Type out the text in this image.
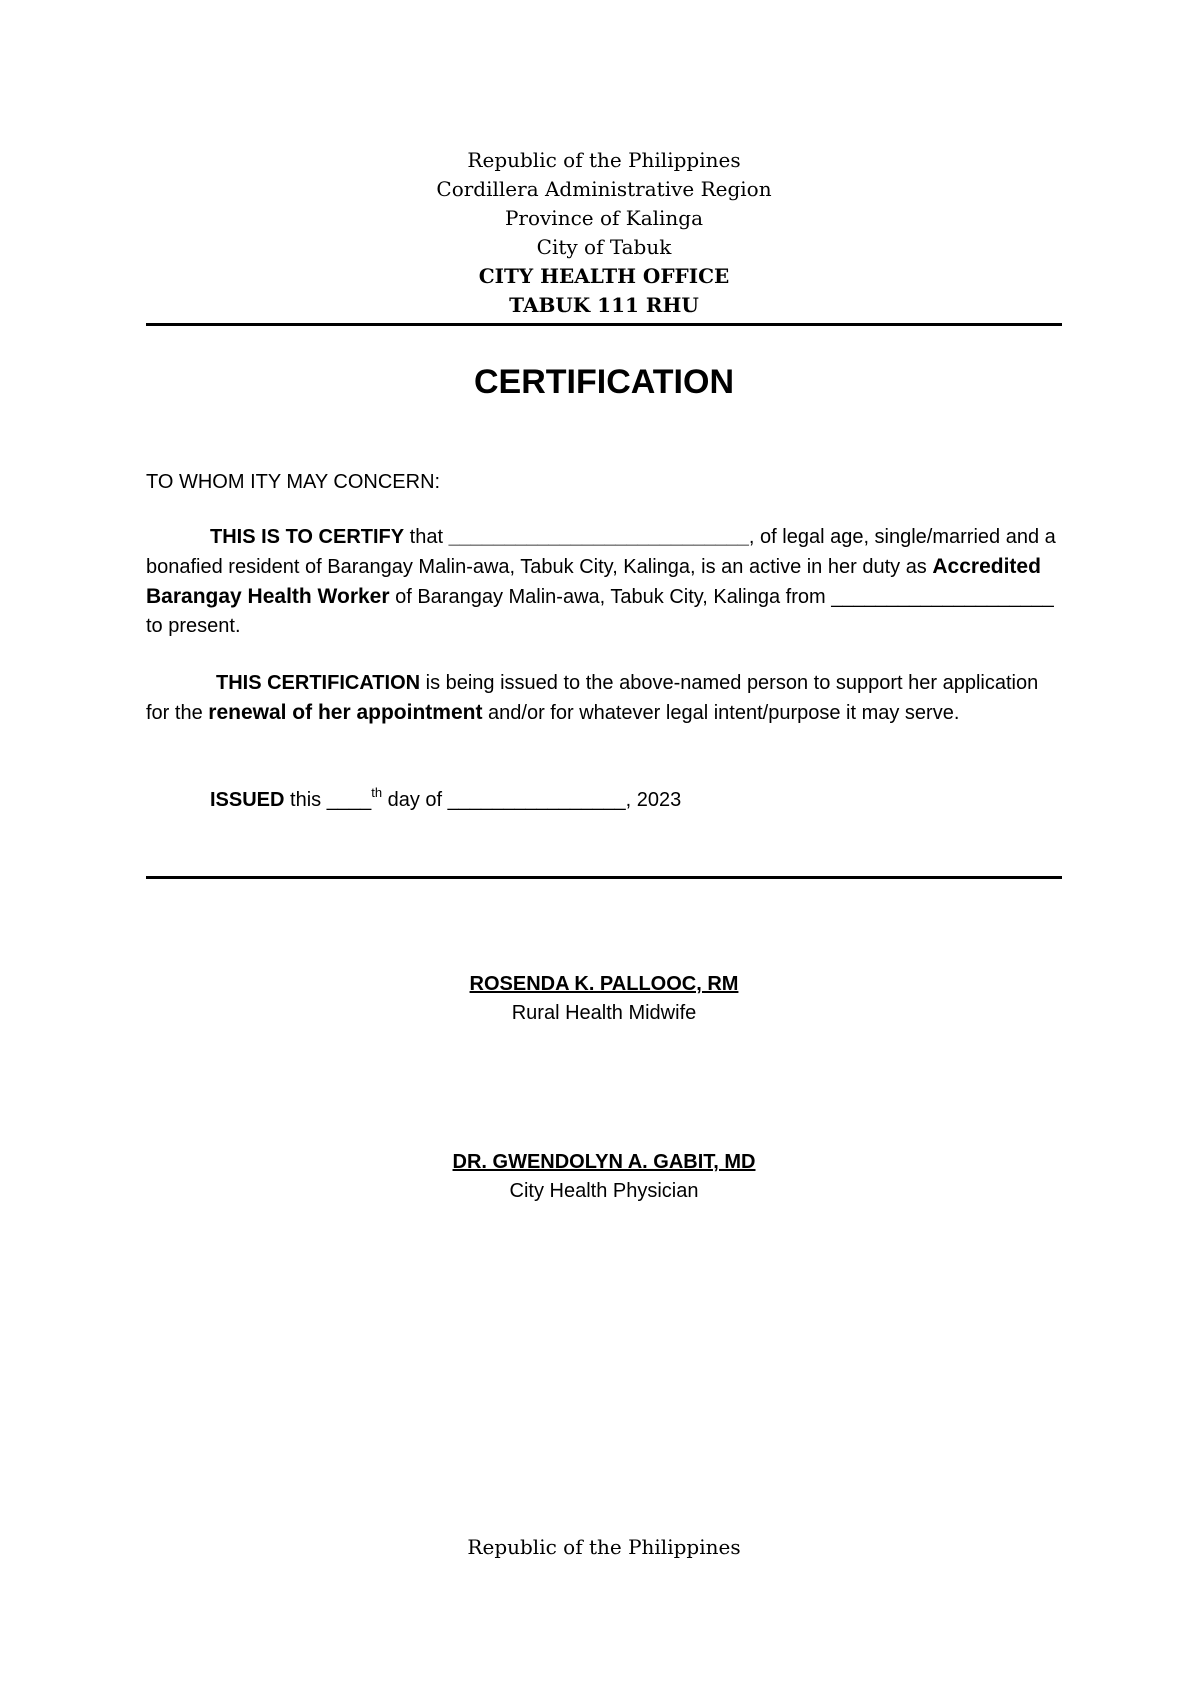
Republic of the Philippines
Cordillera Administrative Region
Province of Kalinga
City of Tabuk
CITY HEALTH OFFICE
TABUK 111 RHU
CERTIFICATION
TO WHOM ITY MAY CONCERN:

THIS IS TO CERTIFY that ___________________________, of legal age, single/married and a bonafied resident of Barangay Malin-awa, Tabuk City, Kalinga, is an active in her duty as Accredited Barangay Health Worker of Barangay Malin-awa, Tabuk City, Kalinga from ____________________ to present.

THIS CERTIFICATION is being issued to the above-named person to support her application for the renewal of her appointment and/or for whatever legal intent/purpose it may serve.

ISSUED this ____$^{th}$ day of ________________, 2023

ROSENDA K. PALLOOC, RM
Rural Health Midwife
DR. GWENDOLYN A. GABIT, MD
City Health Physician
Republic of the Philippines
